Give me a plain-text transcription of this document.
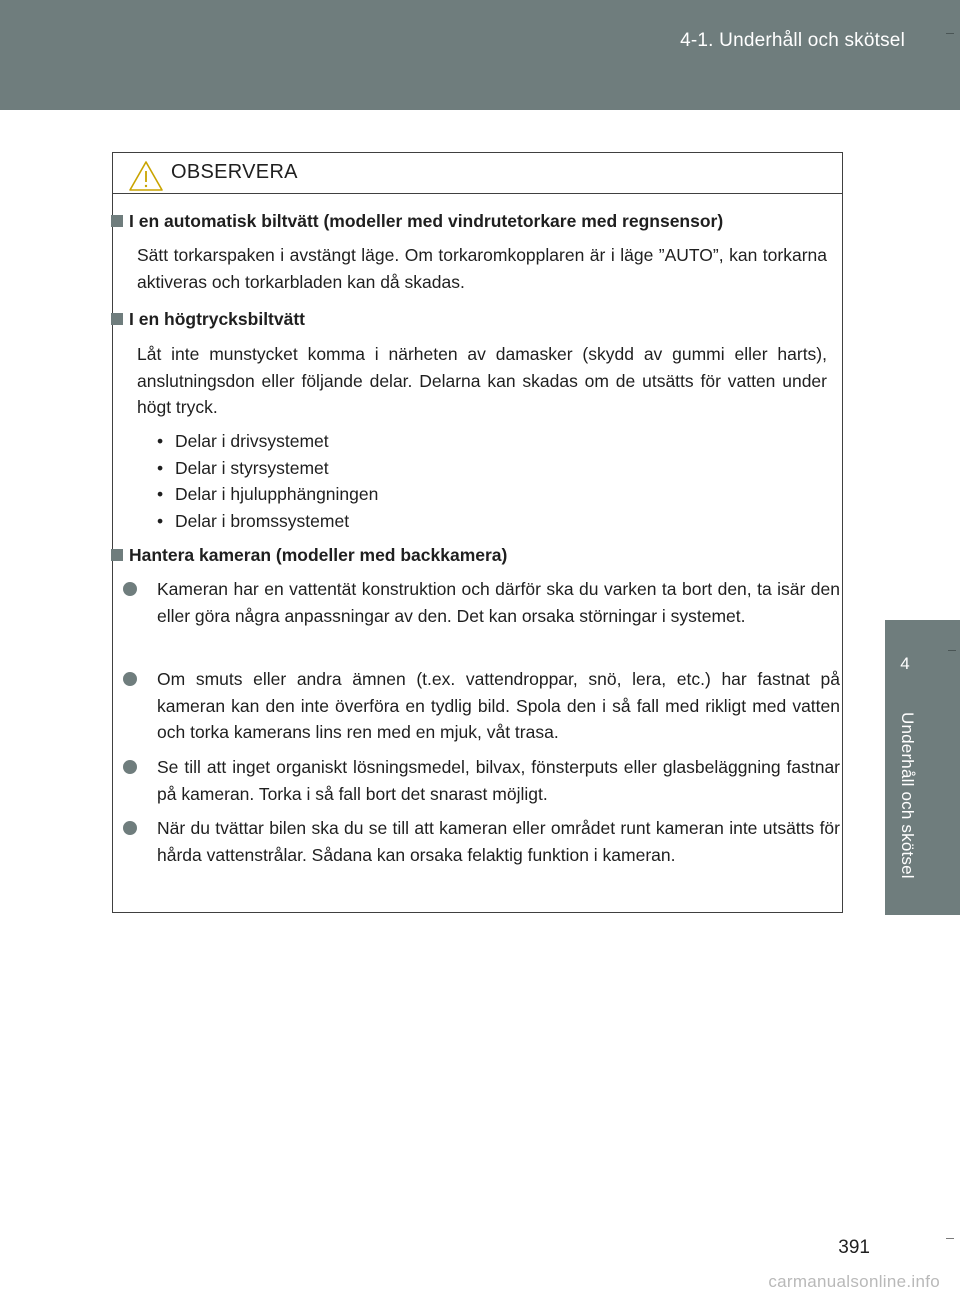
4-1. Underhåll och skötsel
4
Underhåll och skötsel
OBSERVERA
I en automatisk biltvätt (modeller med vindrutetorkare med regnsensor)
Sätt torkarspaken i avstängt läge. Om torkaromkopplaren är i läge ”AUTO”, kan torkarna aktiveras och torkarbladen kan då skadas.
I en högtrycksbiltvätt
Låt inte munstycket komma i närheten av damasker (skydd av gummi eller harts), anslutningsdon eller följande delar. Delarna kan skadas om de utsätts för vatten under högt tryck.
• Delar i drivsystemet
• Delar i styrsystemet
• Delar i hjulupphängningen
• Delar i bromssystemet
Hantera kameran (modeller med backkamera)
Kameran har en vattentät konstruktion och därför ska du varken ta bort den, ta isär den eller göra några anpassningar av den. Det kan orsaka störningar i systemet.
Om smuts eller andra ämnen (t.ex. vattendroppar, snö, lera, etc.) har fastnat på kameran kan den inte överföra en tydlig bild. Spola den i så fall med rikligt med vatten och torka kamerans lins ren med en mjuk, våt trasa.
Se till att inget organiskt lösningsmedel, bilvax, fönsterputs eller glasbeläggning fastnar på kameran. Torka i så fall bort det snarast möjligt.
När du tvättar bilen ska du se till att kameran eller området runt kameran inte utsätts för hårda vattenstrålar. Sådana kan orsaka felaktig funktion i kameran.
391
carmanualsonline.info
